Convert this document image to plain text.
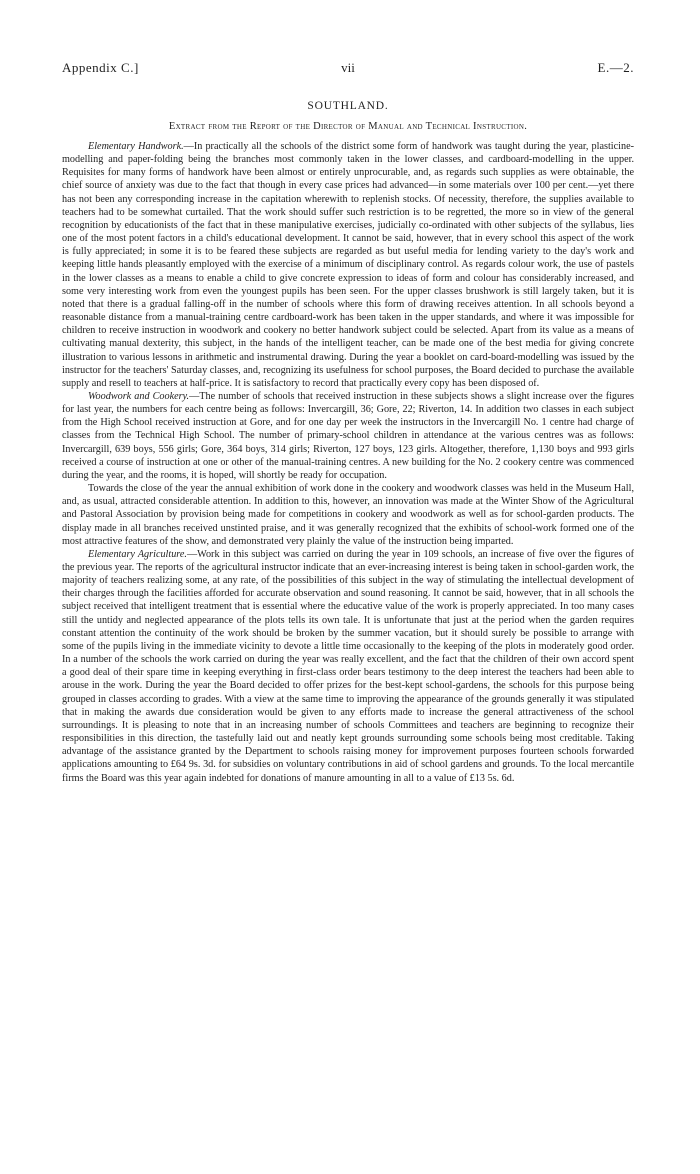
Appendix C.]	vii	E.—2.
SOUTHLAND.
Extract from the Report of the Director of Manual and Technical Instruction.

Elementary Handwork.—In practically all the schools of the district some form of handwork was taught during the year, plasticine-modelling and paper-folding being the branches most commonly taken in the lower classes, and cardboard-modelling in the upper. Requisites for many forms of handwork have been almost or entirely unprocurable, and, as regards such supplies as were obtainable, the chief source of anxiety was due to the fact that though in every case prices had advanced—in some materials over 100 per cent.—yet there has not been any corresponding increase in the capitation wherewith to replenish stocks. Of necessity, therefore, the supplies available to teachers had to be somewhat curtailed. That the work should suffer such restriction is to be regretted, the more so in view of the general recognition by educationists of the fact that in these manipulative exercises, judicially co-ordinated with other subjects of the syllabus, lies one of the most potent factors in a child's educational development. It cannot be said, however, that in every school this aspect of the work is fully appreciated; in some it is to be feared these subjects are regarded as but useful media for lending variety to the day's work and keeping little hands pleasantly employed with the exercise of a minimum of disciplinary control. As regards colour work, the use of pastels in the lower classes as a means to enable a child to give concrete expression to ideas of form and colour has considerably increased, and some very interesting work from even the youngest pupils has been seen. For the upper classes brushwork is still largely taken, but it is noted that there is a gradual falling-off in the number of schools where this form of drawing receives attention. In all schools beyond a reasonable distance from a manual-training centre cardboard-work has been taken in the upper standards, and where it was impossible for children to receive instruction in woodwork and cookery no better handwork subject could be selected. Apart from its value as a means of cultivating manual dexterity, this subject, in the hands of the intelligent teacher, can be made one of the best media for giving concrete illustration to various lessons in arithmetic and instrumental drawing. During the year a booklet on card-board-modelling was issued by the instructor for the teachers' Saturday classes, and, recognizing its usefulness for school purposes, the Board decided to purchase the available supply and resell to teachers at half-price. It is satisfactory to record that practically every copy has been disposed of.

Woodwork and Cookery.—The number of schools that received instruction in these subjects shows a slight increase over the figures for last year, the numbers for each centre being as follows: Invercargill, 36; Gore, 22; Riverton, 14. In addition two classes in each subject from the High School received instruction at Gore, and for one day per week the instructors in the Invercargill No. 1 centre had charge of classes from the Technical High School. The number of primary-school children in attendance at the various centres was as follows: Invercargill, 639 boys, 556 girls; Gore, 364 boys, 314 girls; Riverton, 127 boys, 123 girls. Altogether, therefore, 1,130 boys and 993 girls received a course of instruction at one or other of the manual-training centres. A new building for the No. 2 cookery centre was commenced during the year, and the rooms, it is hoped, will shortly be ready for occupation.

Towards the close of the year the annual exhibition of work done in the cookery and woodwork classes was held in the Museum Hall, and, as usual, attracted considerable attention. In addition to this, however, an innovation was made at the Winter Show of the Agricultural and Pastoral Association by provision being made for competitions in cookery and woodwork as well as for school-garden products. The display made in all branches received unstinted praise, and it was generally recognized that the exhibits of school-work formed one of the most attractive features of the show, and demonstrated very plainly the value of the instruction being imparted.

Elementary Agriculture.—Work in this subject was carried on during the year in 109 schools, an increase of five over the figures of the previous year. The reports of the agricultural instructor indicate that an ever-increasing interest is being taken in school-garden work, the majority of teachers realizing some, at any rate, of the possibilities of this subject in the way of stimulating the intellectual development of their charges through the facilities afforded for accurate observation and sound reasoning. It cannot be said, however, that in all schools the subject received that intelligent treatment that is essential where the educative value of the work is properly appreciated. In too many cases still the untidy and neglected appearance of the plots tells its own tale. It is unfortunate that just at the period when the garden requires constant attention the continuity of the work should be broken by the summer vacation, but it should surely be possible to arrange with some of the pupils living in the immediate vicinity to devote a little time occasionally to the keeping of the plots in moderately good order. In a number of the schools the work carried on during the year was really excellent, and the fact that the children of their own accord spent a good deal of their spare time in keeping everything in first-class order bears testimony to the deep interest the teachers had been able to arouse in the work. During the year the Board decided to offer prizes for the best-kept school-gardens, the schools for this purpose being grouped in classes according to grades. With a view at the same time to improving the appearance of the grounds generally it was stipulated that in making the awards due consideration would be given to any efforts made to increase the general attractiveness of the school surroundings. It is pleasing to note that in an increasing number of schools Committees and teachers are beginning to recognize their responsibilities in this direction, the tastefully laid out and neatly kept grounds surrounding some schools being most creditable. Taking advantage of the assistance granted by the Department to schools raising money for improvement purposes fourteen schools forwarded applications amounting to £64 9s. 3d. for subsidies on voluntary contributions in aid of school gardens and grounds. To the local mercantile firms the Board was this year again indebted for donations of manure amounting in all to a value of £13 5s. 6d.
